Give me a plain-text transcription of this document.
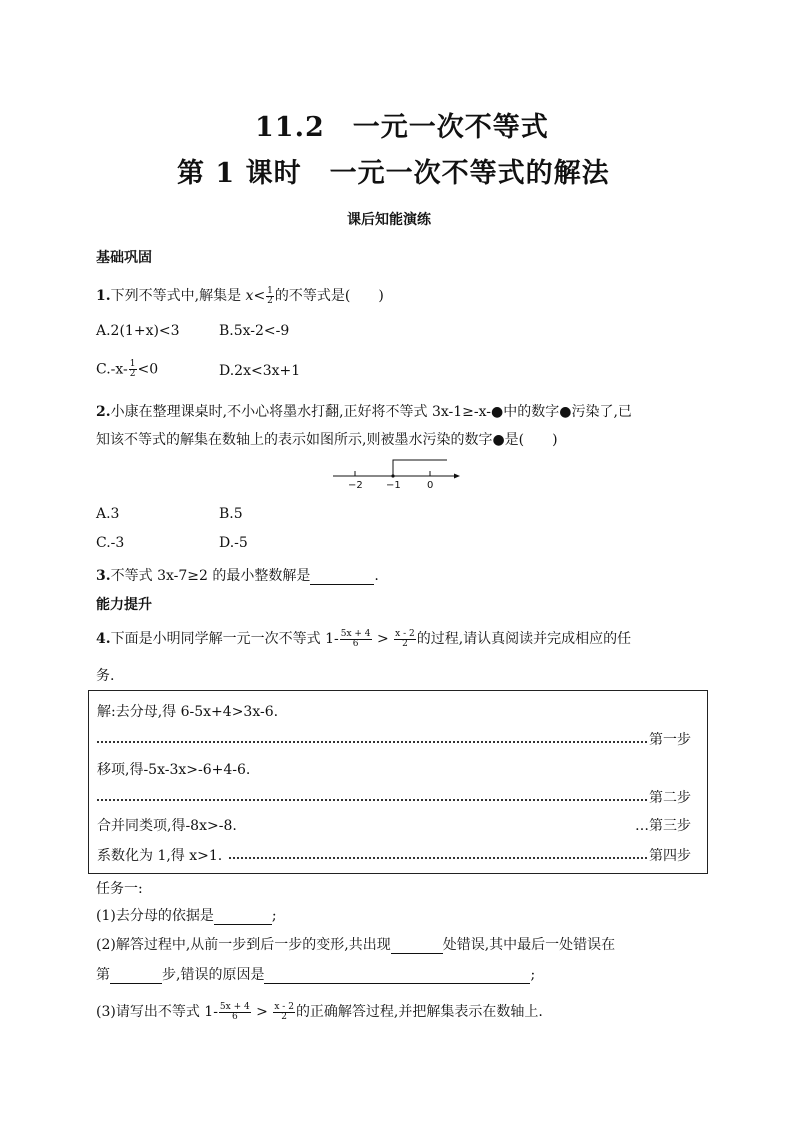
11.2　一元一次不等式
第 1 课时　一元一次不等式的解法
课后知能演练
基础巩固
1.下列不等式中,解集是 $x< \frac{1}{2}$ 的不等式是(　　)
A.2(1+x)<3	B.5x-2<-9
$C.-x- \frac{1}{2} <0$	D.2x<3x+1
2.小康在整理课桌时,不小心将墨水打翻,正好将不等式 3x-1≥-x-●中的数字●污染了,已
知该不等式的解集在数轴上的表示如图所示,则被墨水污染的数字●是(　　)
−2 −1	0
A.3	B.5
C.-3	D.-5
3.不等式 3x-7≥2 的最小整数解是	.
能力提升
4.下面是小明同学解一元一次不等式 $1- \frac{5x + 4}{6} > \frac{x - 2}{2}$ 的过程,请认真阅读并完成相应的任
务.
解:去分母,得 6-5x+4>3x-6.
第一步
移项,得-5x-3x>-6+4-6.
第二步
合并同类项,得-8x>-8.	…第三步
系数化为 1,得 x>1.	第四步
任务一:
(1)去分母的依据是	;
(2)解答过程中,从前一步到后一步的变形,共出现	处错误,其中最后一处错误在
第	步,错误的原因是	;
(3)请写出不等式 $1- \frac{5x + 4}{6} > \frac{x - 2}{2}$ 的正确解答过程,并把解集表示在数轴上.
